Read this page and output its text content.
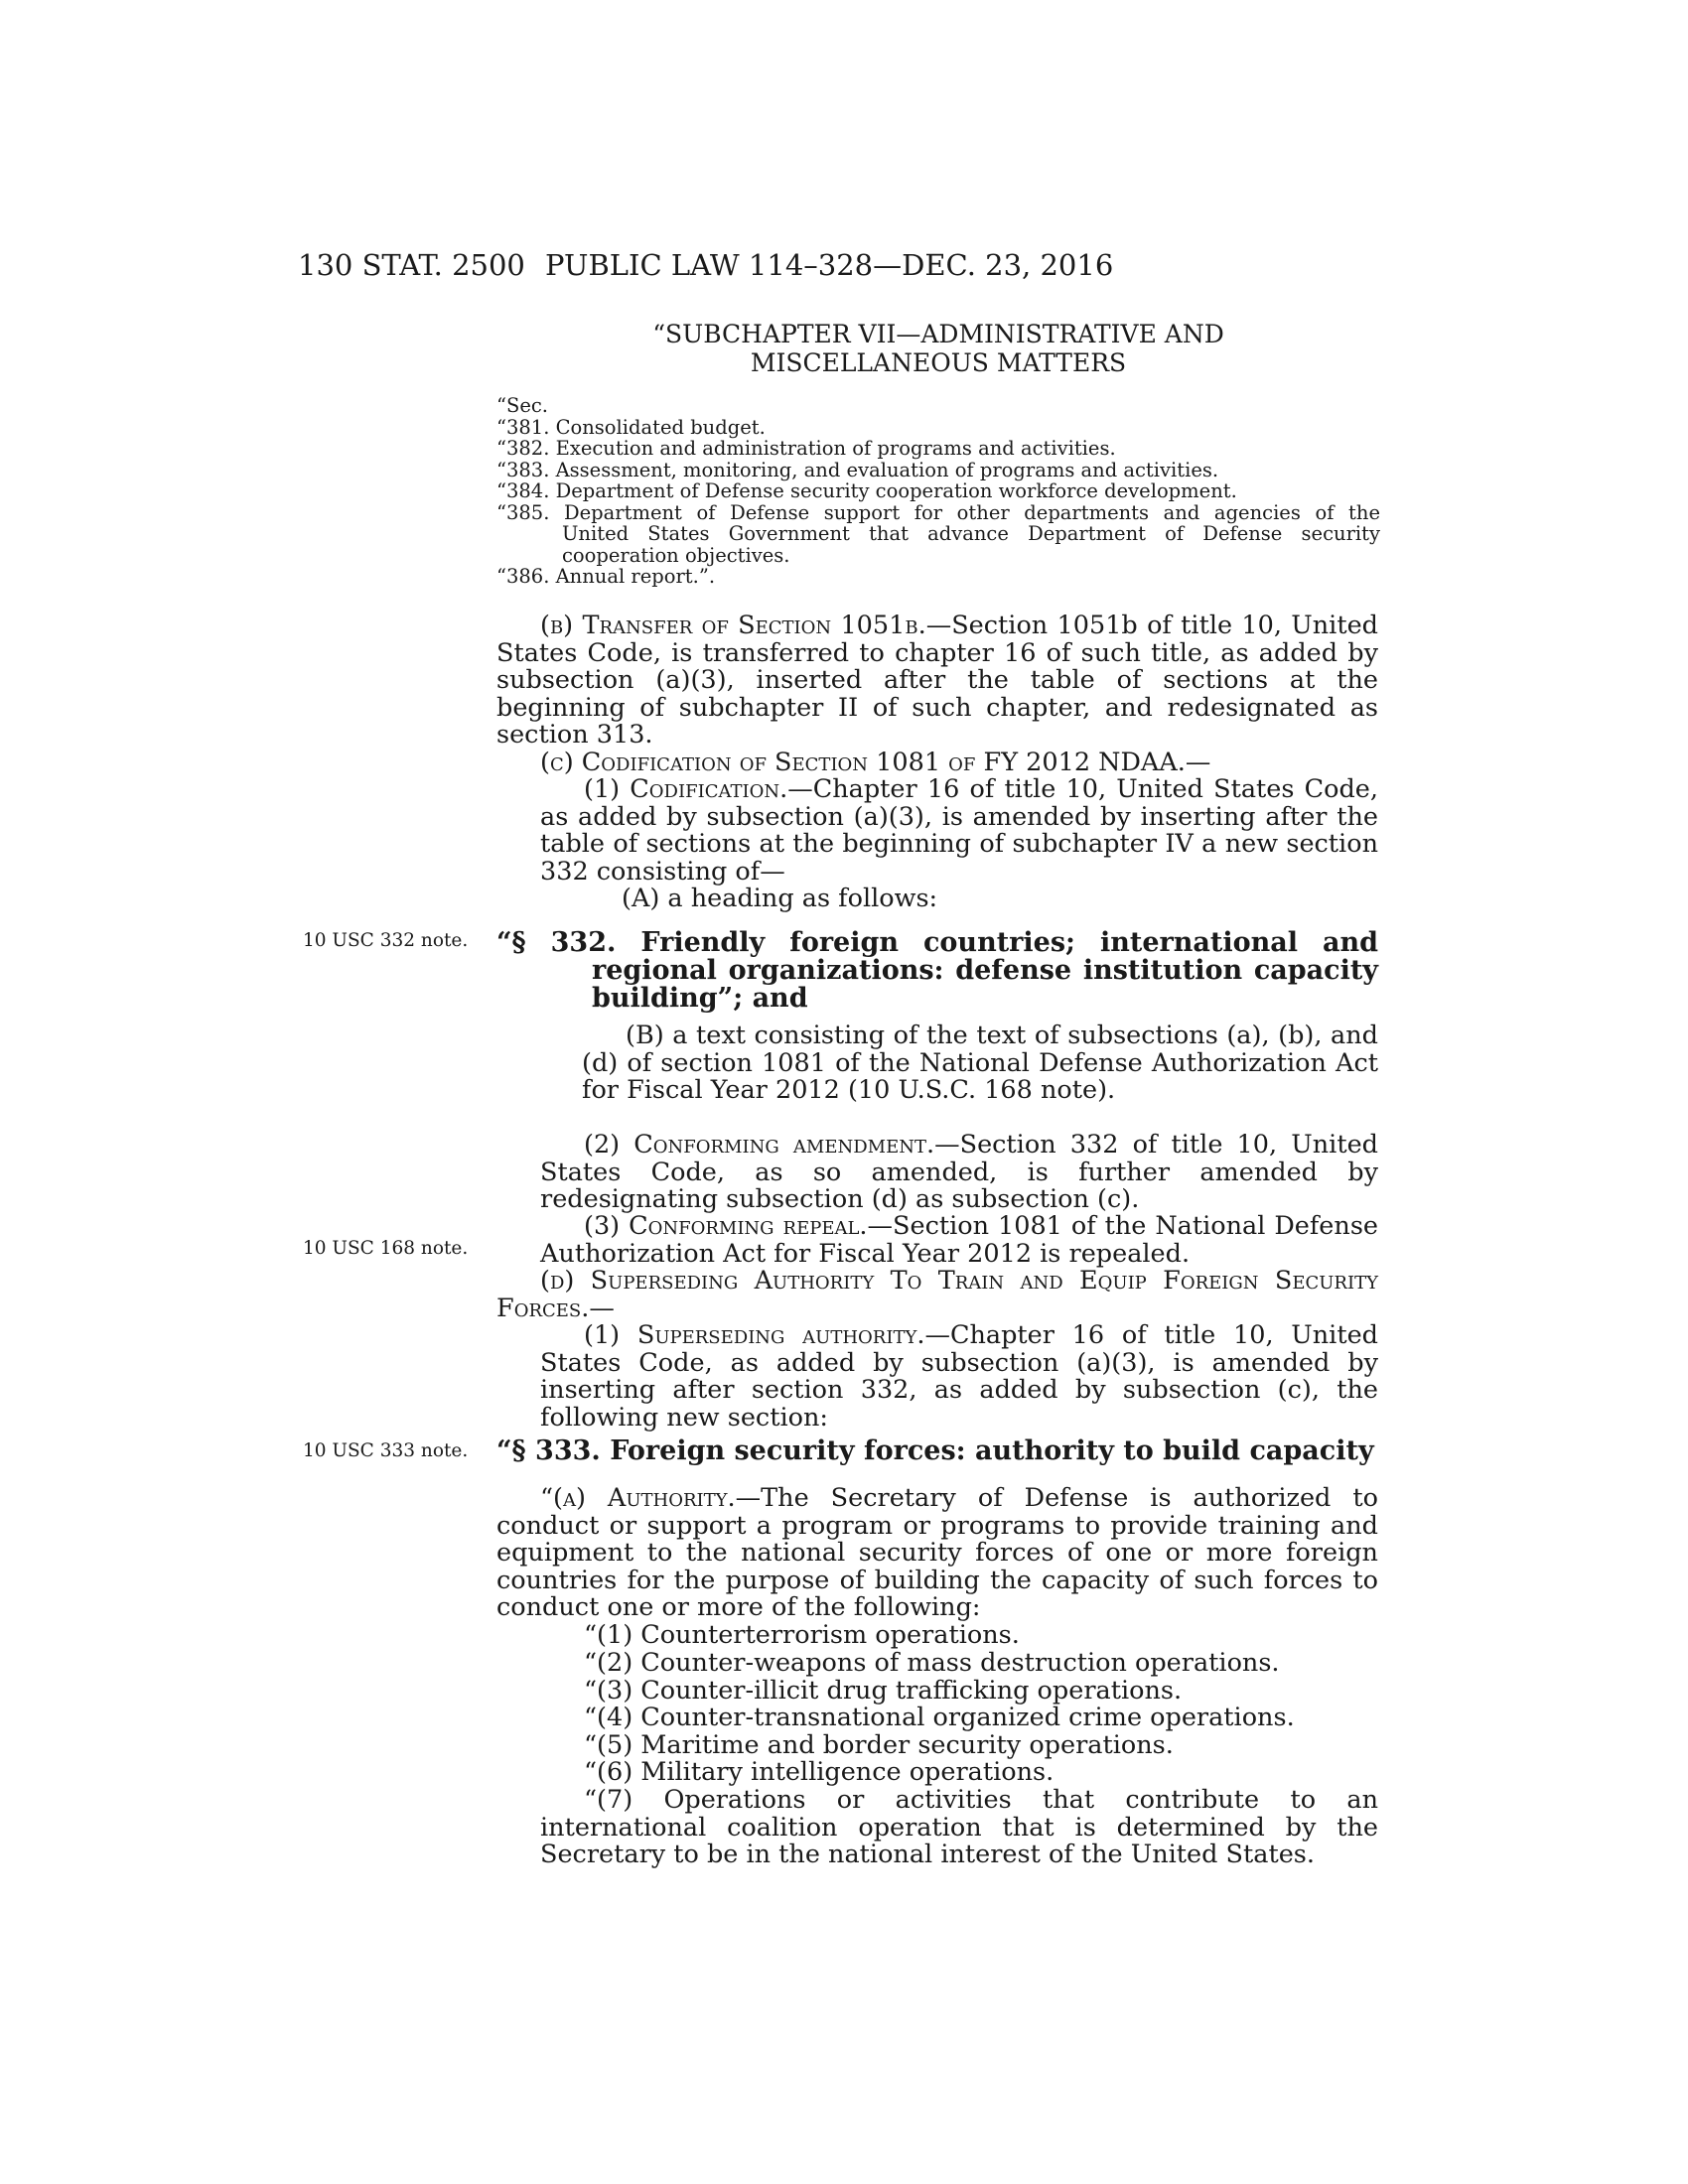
130 STAT. 2500 PUBLIC LAW 114–328—DEC. 23, 2016
“SUBCHAPTER VII—ADMINISTRATIVE AND
MISCELLANEOUS MATTERS
“Sec.
“381. Consolidated budget.
“382. Execution and administration of programs and activities.
“383. Assessment, monitoring, and evaluation of programs and activities.
“384. Department of Defense security cooperation workforce development.
“385. Department of Defense support for other departments and agencies of the
United States Government that advance Department of Defense security
cooperation objectives.
“386. Annual report.”.
10 USC 332 note.
10 USC 168 note.
10 USC 333 note.
(b) Transfer of Section 1051b.—Section 1051b of title 10, United States Code, is transferred to chapter 16 of such title, as added by subsection (a)(3), inserted after the table of sections at the beginning of subchapter II of such chapter, and redesignated as section 313.
(c) Codification of Section 1081 of FY 2012 NDAA.—
(1) Codification.—Chapter 16 of title 10, United States Code, as added by subsection (a)(3), is amended by inserting after the table of sections at the beginning of subchapter IV a new section 332 consisting of—
(A) a heading as follows:
“§ 332. Friendly foreign countries; international and regional organizations: defense institution capacity building”; and
(B) a text consisting of the text of subsections (a), (b), and (d) of section 1081 of the National Defense Authorization Act for Fiscal Year 2012 (10 U.S.C. 168 note).
(2) Conforming amendment.—Section 332 of title 10, United States Code, as so amended, is further amended by redesignating subsection (d) as subsection (c).
(3) Conforming repeal.—Section 1081 of the National Defense Authorization Act for Fiscal Year 2012 is repealed.
(d) Superseding Authority To Train and Equip Foreign Security Forces.—
(1) Superseding authority.—Chapter 16 of title 10, United States Code, as added by subsection (a)(3), is amended by inserting after section 332, as added by subsection (c), the following new section:
“§ 333. Foreign security forces: authority to build capacity
“(a) Authority.—The Secretary of Defense is authorized to conduct or support a program or programs to provide training and equipment to the national security forces of one or more foreign countries for the purpose of building the capacity of such forces to conduct one or more of the following:
“(1) Counterterrorism operations.
“(2) Counter-weapons of mass destruction operations.
“(3) Counter-illicit drug trafficking operations.
“(4) Counter-transnational organized crime operations.
“(5) Maritime and border security operations.
“(6) Military intelligence operations.
“(7) Operations or activities that contribute to an international coalition operation that is determined by the Secretary to be in the national interest of the United States.
